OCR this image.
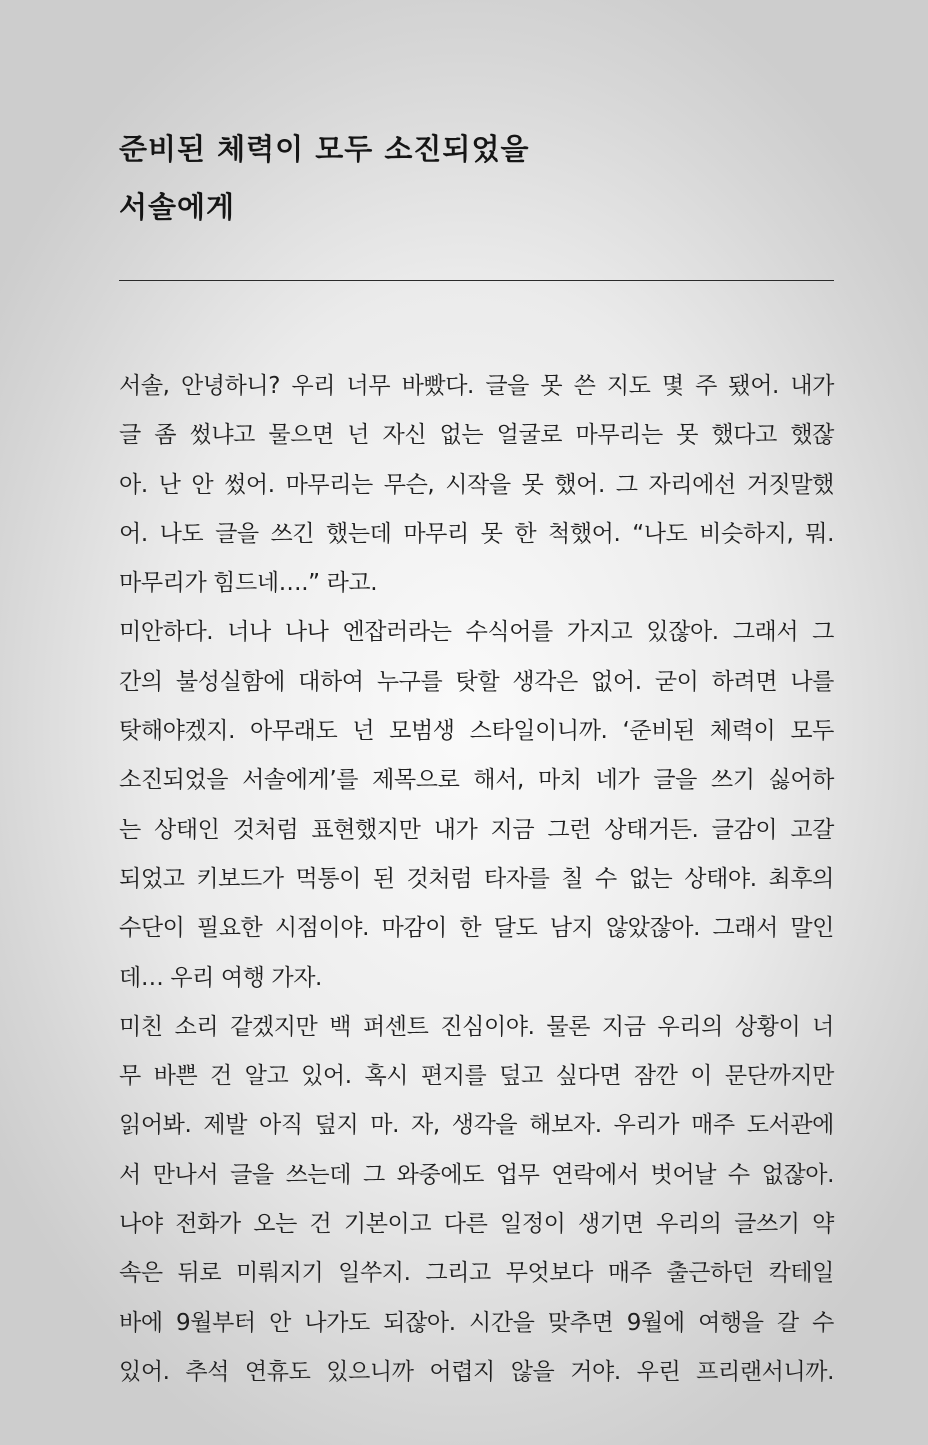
준비된 체력이 모두 소진되었을
서솔에게

서솔, 안녕하니? 우리 너무 바빴다. 글을 못 쓴 지도 몇 주 됐어. 내가
글 좀 썼냐고 물으면 넌 자신 없는 얼굴로 마무리는 못 했다고 했잖
아. 난 안 썼어. 마무리는 무슨, 시작을 못 했어. 그 자리에선 거짓말했
어. 나도 글을 쓰긴 했는데 마무리 못 한 척했어. “나도 비슷하지, 뭐.
마무리가 힘드네….” 라고.

미안하다. 너나 나나 엔잡러라는 수식어를 가지고 있잖아. 그래서 그
간의 불성실함에 대하여 누구를 탓할 생각은 없어. 굳이 하려면 나를
탓해야겠지. 아무래도 넌 모범생 스타일이니까. ‘준비된 체력이 모두
소진되었을 서솔에게’를 제목으로 해서, 마치 네가 글을 쓰기 싫어하
는 상태인 것처럼 표현했지만 내가 지금 그런 상태거든. 글감이 고갈
되었고 키보드가 먹통이 된 것처럼 타자를 칠 수 없는 상태야. 최후의
수단이 필요한 시점이야. 마감이 한 달도 남지 않았잖아. 그래서 말인
데… 우리 여행 가자.

미친 소리 같겠지만 백 퍼센트 진심이야. 물론 지금 우리의 상황이 너
무 바쁜 건 알고 있어. 혹시 편지를 덮고 싶다면 잠깐 이 문단까지만
읽어봐. 제발 아직 덮지 마. 자, 생각을 해보자. 우리가 매주 도서관에
서 만나서 글을 쓰는데 그 와중에도 업무 연락에서 벗어날 수 없잖아.
나야 전화가 오는 건 기본이고 다른 일정이 생기면 우리의 글쓰기 약
속은 뒤로 미뤄지기 일쑤지. 그리고 무엇보다 매주 출근하던 칵테일
바에 9월부터 안 나가도 되잖아. 시간을 맞추면 9월에 여행을 갈 수
있어. 추석 연휴도 있으니까 어렵지 않을 거야. 우린 프리랜서니까.
